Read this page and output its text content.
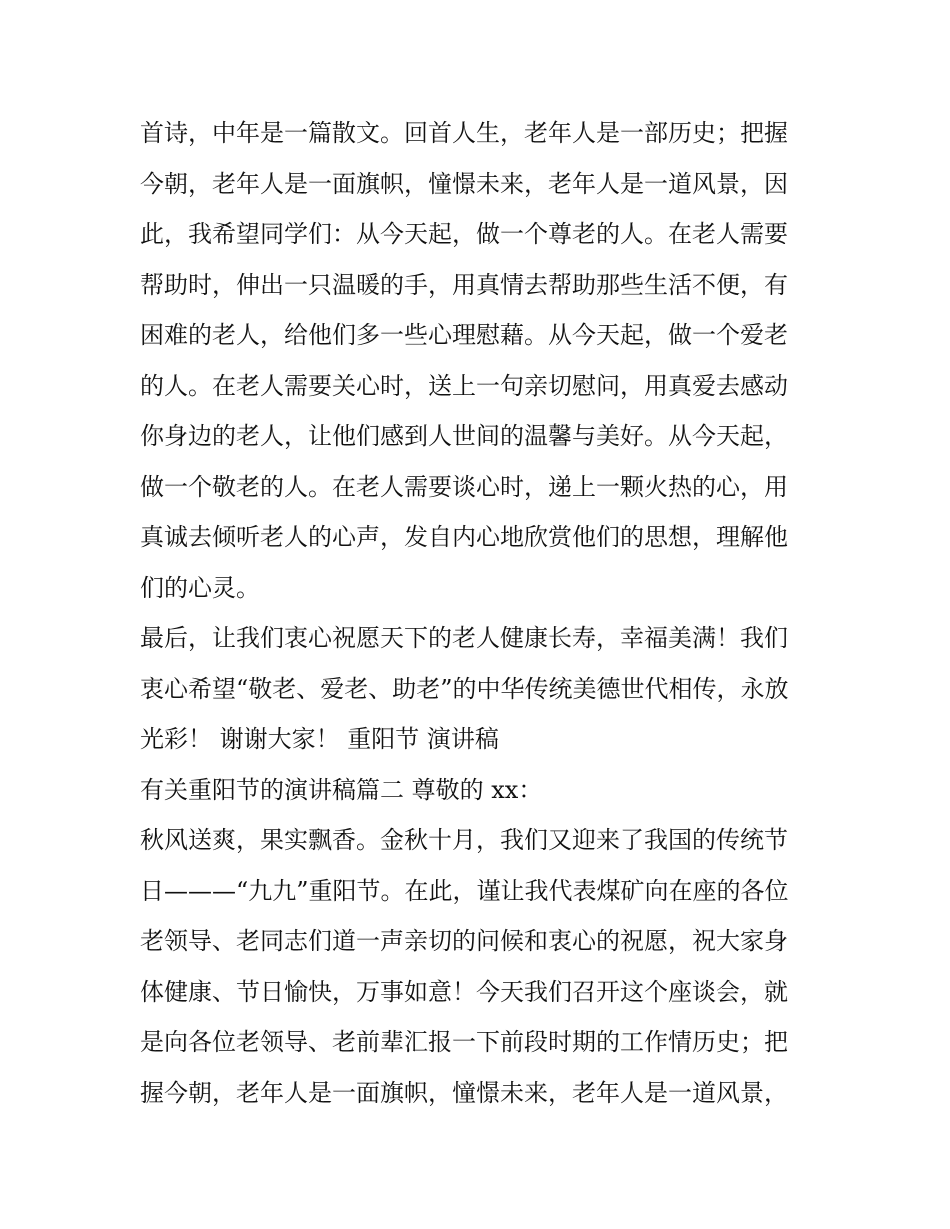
首诗，中年是一篇散文。回首人生，老年人是一部历史；把握
今朝，老年人是一面旗帜，憧憬未来，老年人是一道风景，因
此，我希望同学们：从今天起，做一个尊老的人。在老人需要
帮助时，伸出一只温暖的手，用真情去帮助那些生活不便，有
困难的老人，给他们多一些心理慰藉。从今天起，做一个爱老
的人。在老人需要关心时，送上一句亲切慰问，用真爱去感动
你身边的老人，让他们感到人世间的温馨与美好。从今天起，
做一个敬老的人。在老人需要谈心时，递上一颗火热的心，用
真诚去倾听老人的心声，发自内心地欣赏他们的思想，理解他
们的心灵。
最后，让我们衷心祝愿天下的老人健康长寿，幸福美满！我们
衷心希望“敬老、爱老、助老”的中华传统美德世代相传，永放
光彩！ 谢谢大家！ 重阳节 演讲稿
有关重阳节的演讲稿篇二 尊敬的 xx：
秋风送爽，果实飘香。金秋十月，我们又迎来了我国的传统节
日———“九九”重阳节。在此，谨让我代表煤矿向在座的各位
老领导、老同志们道一声亲切的问候和衷心的祝愿，祝大家身
体健康、节日愉快，万事如意！今天我们召开这个座谈会，就
是向各位老领导、老前辈汇报一下前段时期的工作情历史；把
握今朝，老年人是一面旗帜，憧憬未来，老年人是一道风景，
